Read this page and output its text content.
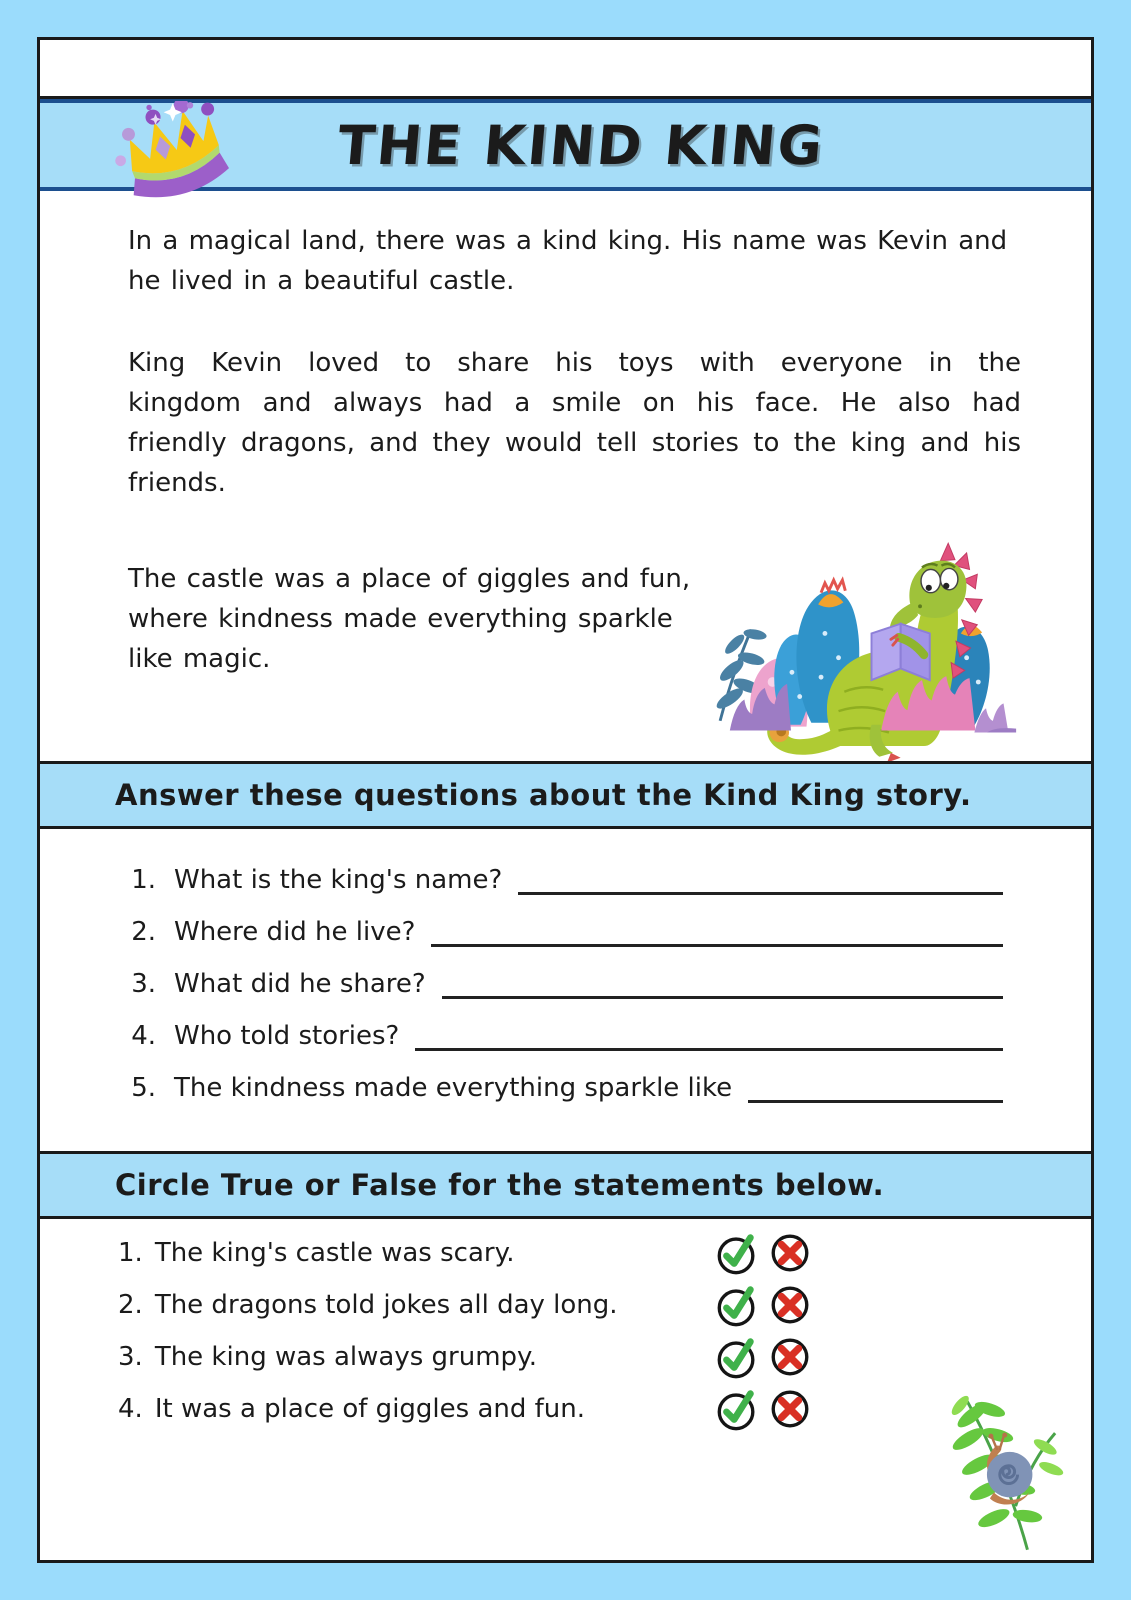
THE KIND KING

In a magical land, there was a kind king. His name was Kevin and he lived in a beautiful castle.

King Kevin loved to share his toys with everyone in the kingdom and always had a smile on his face. He also had friendly dragons, and they would tell stories to the king and his friends.

The castle was a place of giggles and fun, where kindness made everything sparkle like magic.

Answer these questions about the Kind King story.
1. What is the king's name?
2. Where did he live?
3. What did he share?
4. Who told stories?
5. The kindness made everything sparkle like
Circle True or False for the statements below.
1. The king's castle was scary.
2. The dragons told jokes all day long.
3. The king was always grumpy.
4. It was a place of giggles and fun.
